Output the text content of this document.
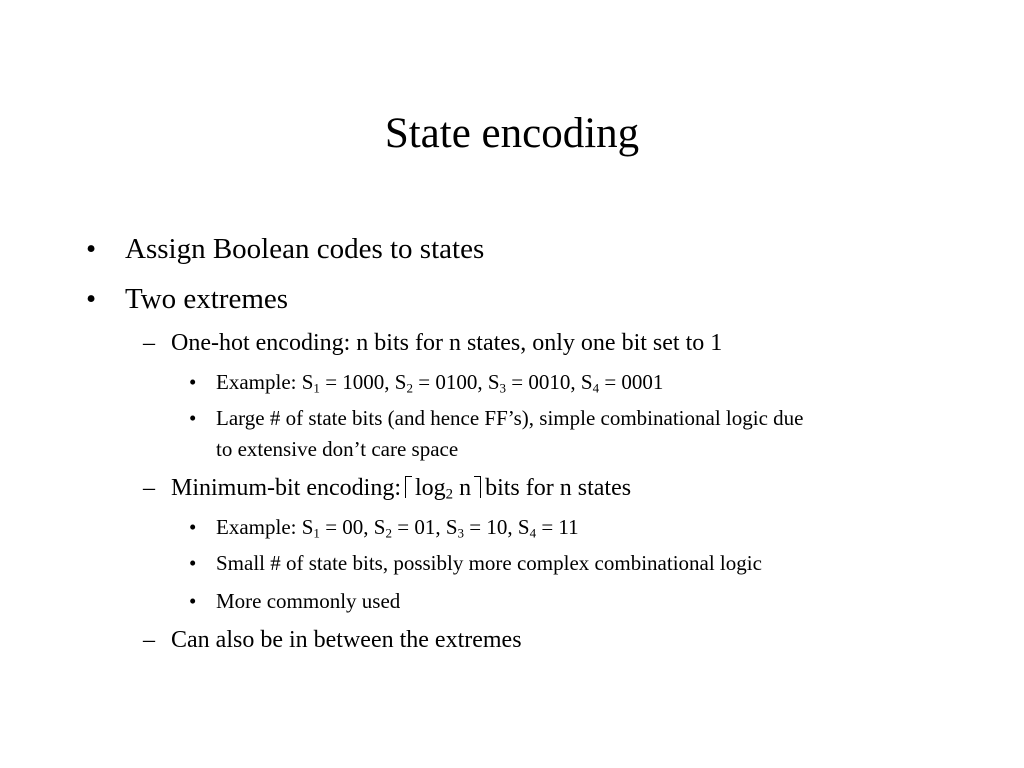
State encoding
• Assign Boolean codes to states
• Two extremes
– One-hot encoding: n bits for n states, only one bit set to 1
• Example: $S_1 = 1000$, $S_2 = 0100$, $S_3 = 0010$, $S_4 = 0001$
• Large # of state bits (and hence FF’s), simple combinational logic due
to extensive don’t care space
– Minimum-bit encoding: $\log_2 n$ bits for n states
• Example: $S_1 = 00$, $S_2 = 01$, $S_3 = 10$, $S_4 = 11$
• Small # of state bits, possibly more complex combinational logic
• More commonly used
– Can also be in between the extremes
